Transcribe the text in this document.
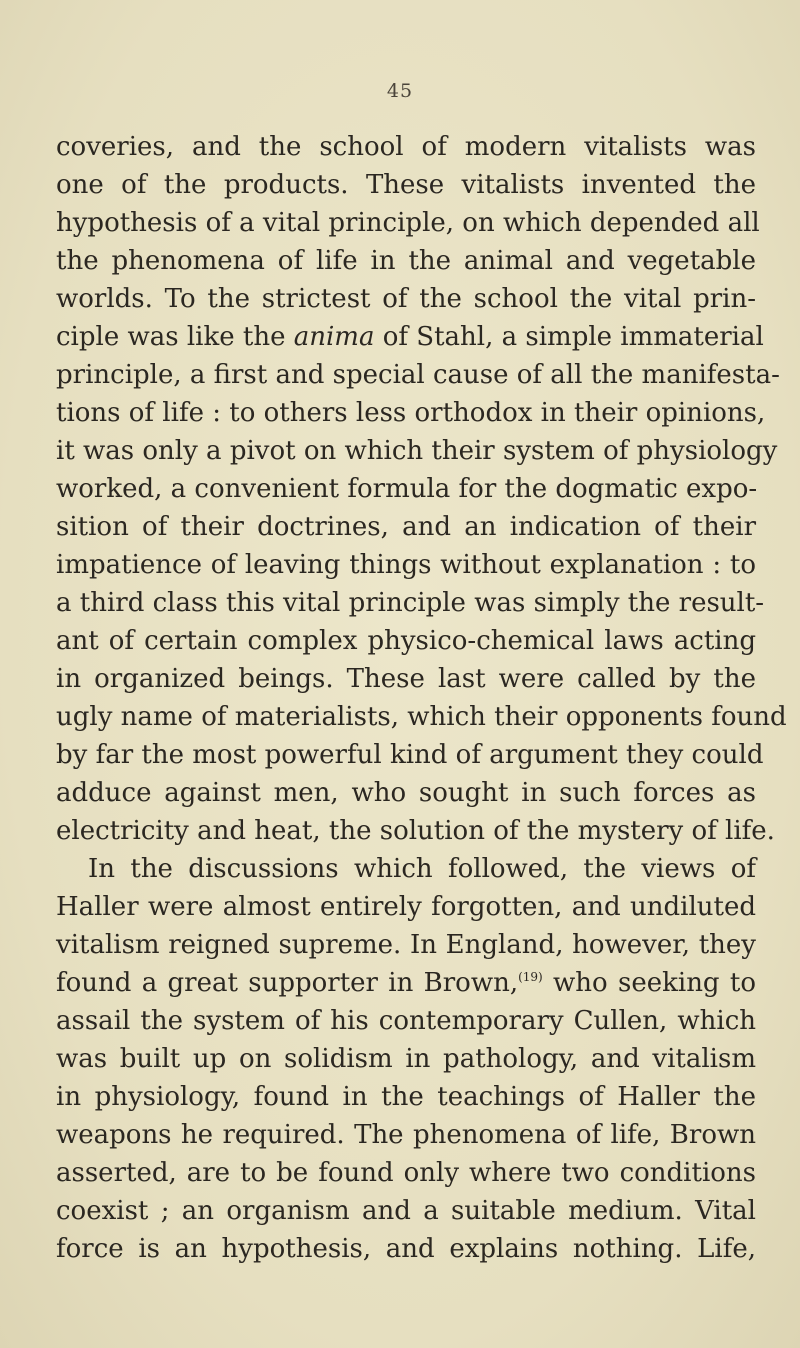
45
coveries, and the school of modern vitalists was
one of the products. These vitalists invented the
hypothesis of a vital principle, on which depended all
the phenomena of life in the animal and vegetable
worlds. To the strictest of the school the vital prin-
ciple was like the anima of Stahl, a simple immaterial
principle, a first and special cause of all the manifesta-
tions of life : to others less orthodox in their opinions,
it was only a pivot on which their system of physiology
worked, a convenient formula for the dogmatic expo-
sition of their doctrines, and an indication of their
impatience of leaving things without explanation : to
a third class this vital principle was simply the result-
ant of certain complex physico-chemical laws acting
in organized beings. These last were called by the
ugly name of materialists, which their opponents found
by far the most powerful kind of argument they could
adduce against men, who sought in such forces as
electricity and heat, the solution of the mystery of life.
In the discussions which followed, the views of
Haller were almost entirely forgotten, and undiluted
vitalism reigned supreme. In England, however, they
found a great supporter in Brown,$^{(19)}$ who seeking to
assail the system of his contemporary Cullen, which
was built up on solidism in pathology, and vitalism
in physiology, found in the teachings of Haller the
weapons he required. The phenomena of life, Brown
asserted, are to be found only where two conditions
coexist ; an organism and a suitable medium. Vital
force is an hypothesis, and explains nothing. Life,
